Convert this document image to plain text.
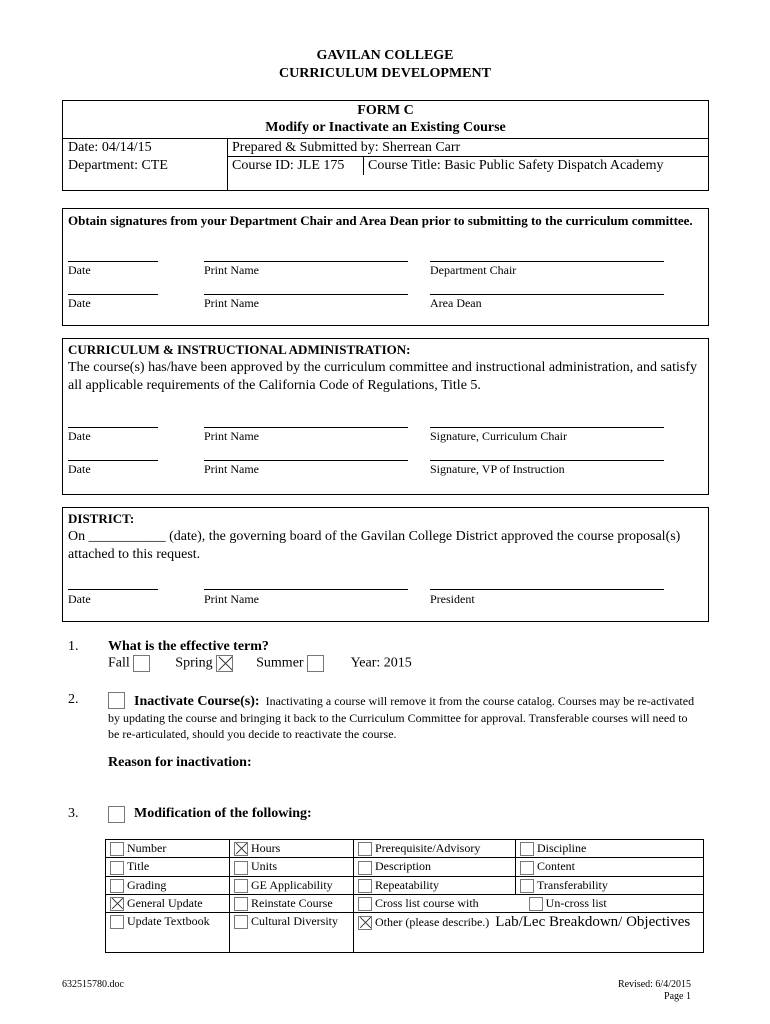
GAVILAN COLLEGE
CURRICULUM DEVELOPMENT
FORM C
Modify or Inactivate an Existing Course
Date: 04/14/15
Department: CTE
Prepared & Submitted by: Sherrean Carr
Course ID: JLE 175 Course Title: Basic Public Safety Dispatch Academy
Obtain signatures from your Department Chair and Area Dean prior to submitting to the curriculum committee.
Date	Print Name	Department Chair
Date	Print Name	Area Dean
CURRICULUM & INSTRUCTIONAL ADMINISTRATION:
The course(s) has/have been approved by the curriculum committee and instructional administration, and satisfy all applicable requirements of the California Code of Regulations, Title 5.
Date	Print Name	Signature, Curriculum Chair
Date	Print Name	Signature, VP of Instruction
DISTRICT:
On ___________ (date), the governing board of the Gavilan College District approved the course proposal(s) attached to this request.
Date	Print Name	President
1. What is the effective term?
Fall	Spring	Summer	Year: 2015
2.	Inactivate Course(s): Inactivating a course will remove it from the course catalog. Courses may be re-activated by updating the course and bringing it back to the Curriculum Committee for approval. Transferable courses will need to be re-articulated, should you decide to reactivate the course.
Reason for inactivation:
3.	Modification of the following:
Number	Hours	Prerequisite/Advisory	Discipline
Title	Units	Description	Content
Grading	GE Applicability	Repeatability	Transferability
General Update	Reinstate Course	Cross list course with Un-cross list	
Update Textbook	Cultural Diversity	Other (please describe.) Lab/Lec Breakdown/ Objectives	
632515780.doc	Revised: 6/4/2015
Page 1
